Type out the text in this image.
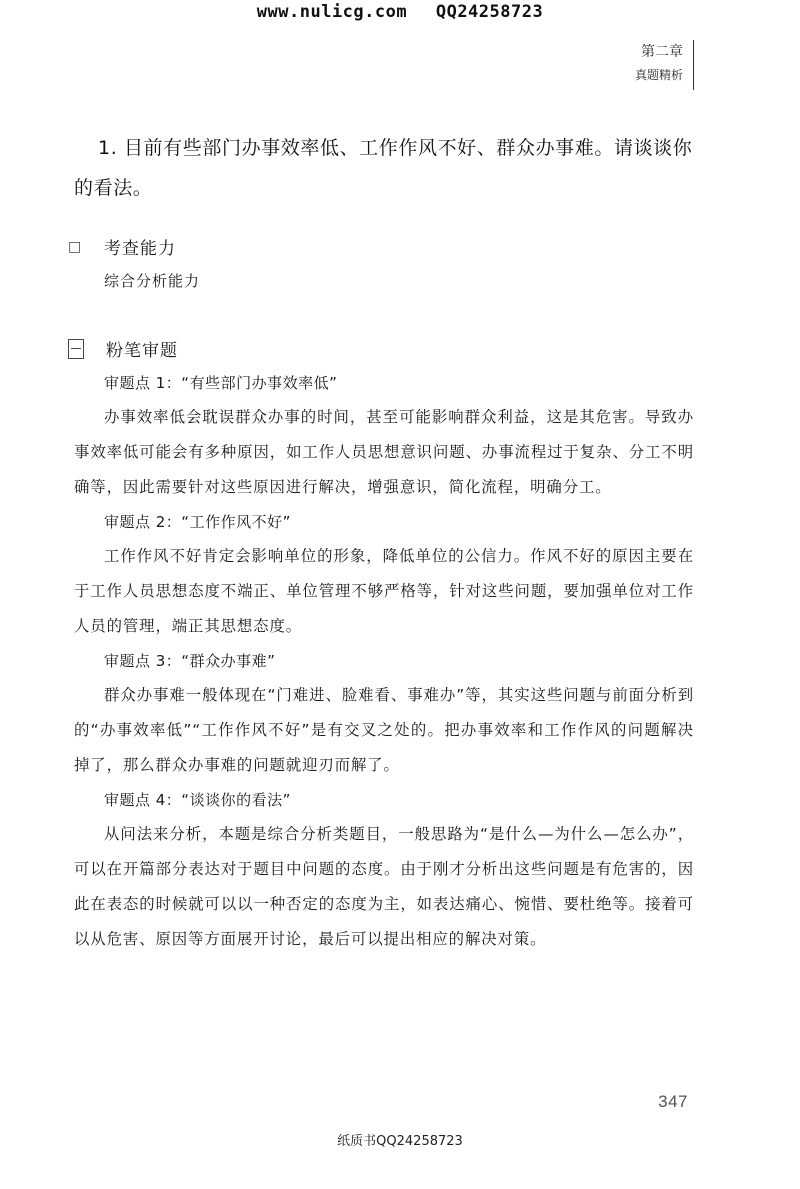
www.nulicg.com QQ24258723
第二章
真题精析
1. 目前有些部门办事效率低、工作作风不好、群众办事难。请谈谈你的看法。
□	考查能力
综合分析能力
粉笔审题
审题点 1：“有些部门办事效率低”

办事效率低会耽误群众办事的时间，甚至可能影响群众利益，这是其危害。导致办事效率低可能会有多种原因，如工作人员思想意识问题、办事流程过于复杂、分工不明确等，因此需要针对这些原因进行解决，增强意识，简化流程，明确分工。

审题点 2：“工作作风不好”

工作作风不好肯定会影响单位的形象，降低单位的公信力。作风不好的原因主要在于工作人员思想态度不端正、单位管理不够严格等，针对这些问题，要加强单位对工作人员的管理，端正其思想态度。

审题点 3：“群众办事难”

群众办事难一般体现在“门难进、脸难看、事难办”等，其实这些问题与前面分析到的“办事效率低”“工作作风不好”是有交叉之处的。把办事效率和工作作风的问题解决掉了，那么群众办事难的问题就迎刃而解了。

审题点 4：“谈谈你的看法”

从问法来分析，本题是综合分析类题目，一般思路为“是什么—为什么—怎么办”，可以在开篇部分表达对于题目中问题的态度。由于刚才分析出这些问题是有危害的，因此在表态的时候就可以以一种否定的态度为主，如表达痛心、惋惜、要杜绝等。接着可以从危害、原因等方面展开讨论，最后可以提出相应的解决对策。

347
纸质书QQ24258723
